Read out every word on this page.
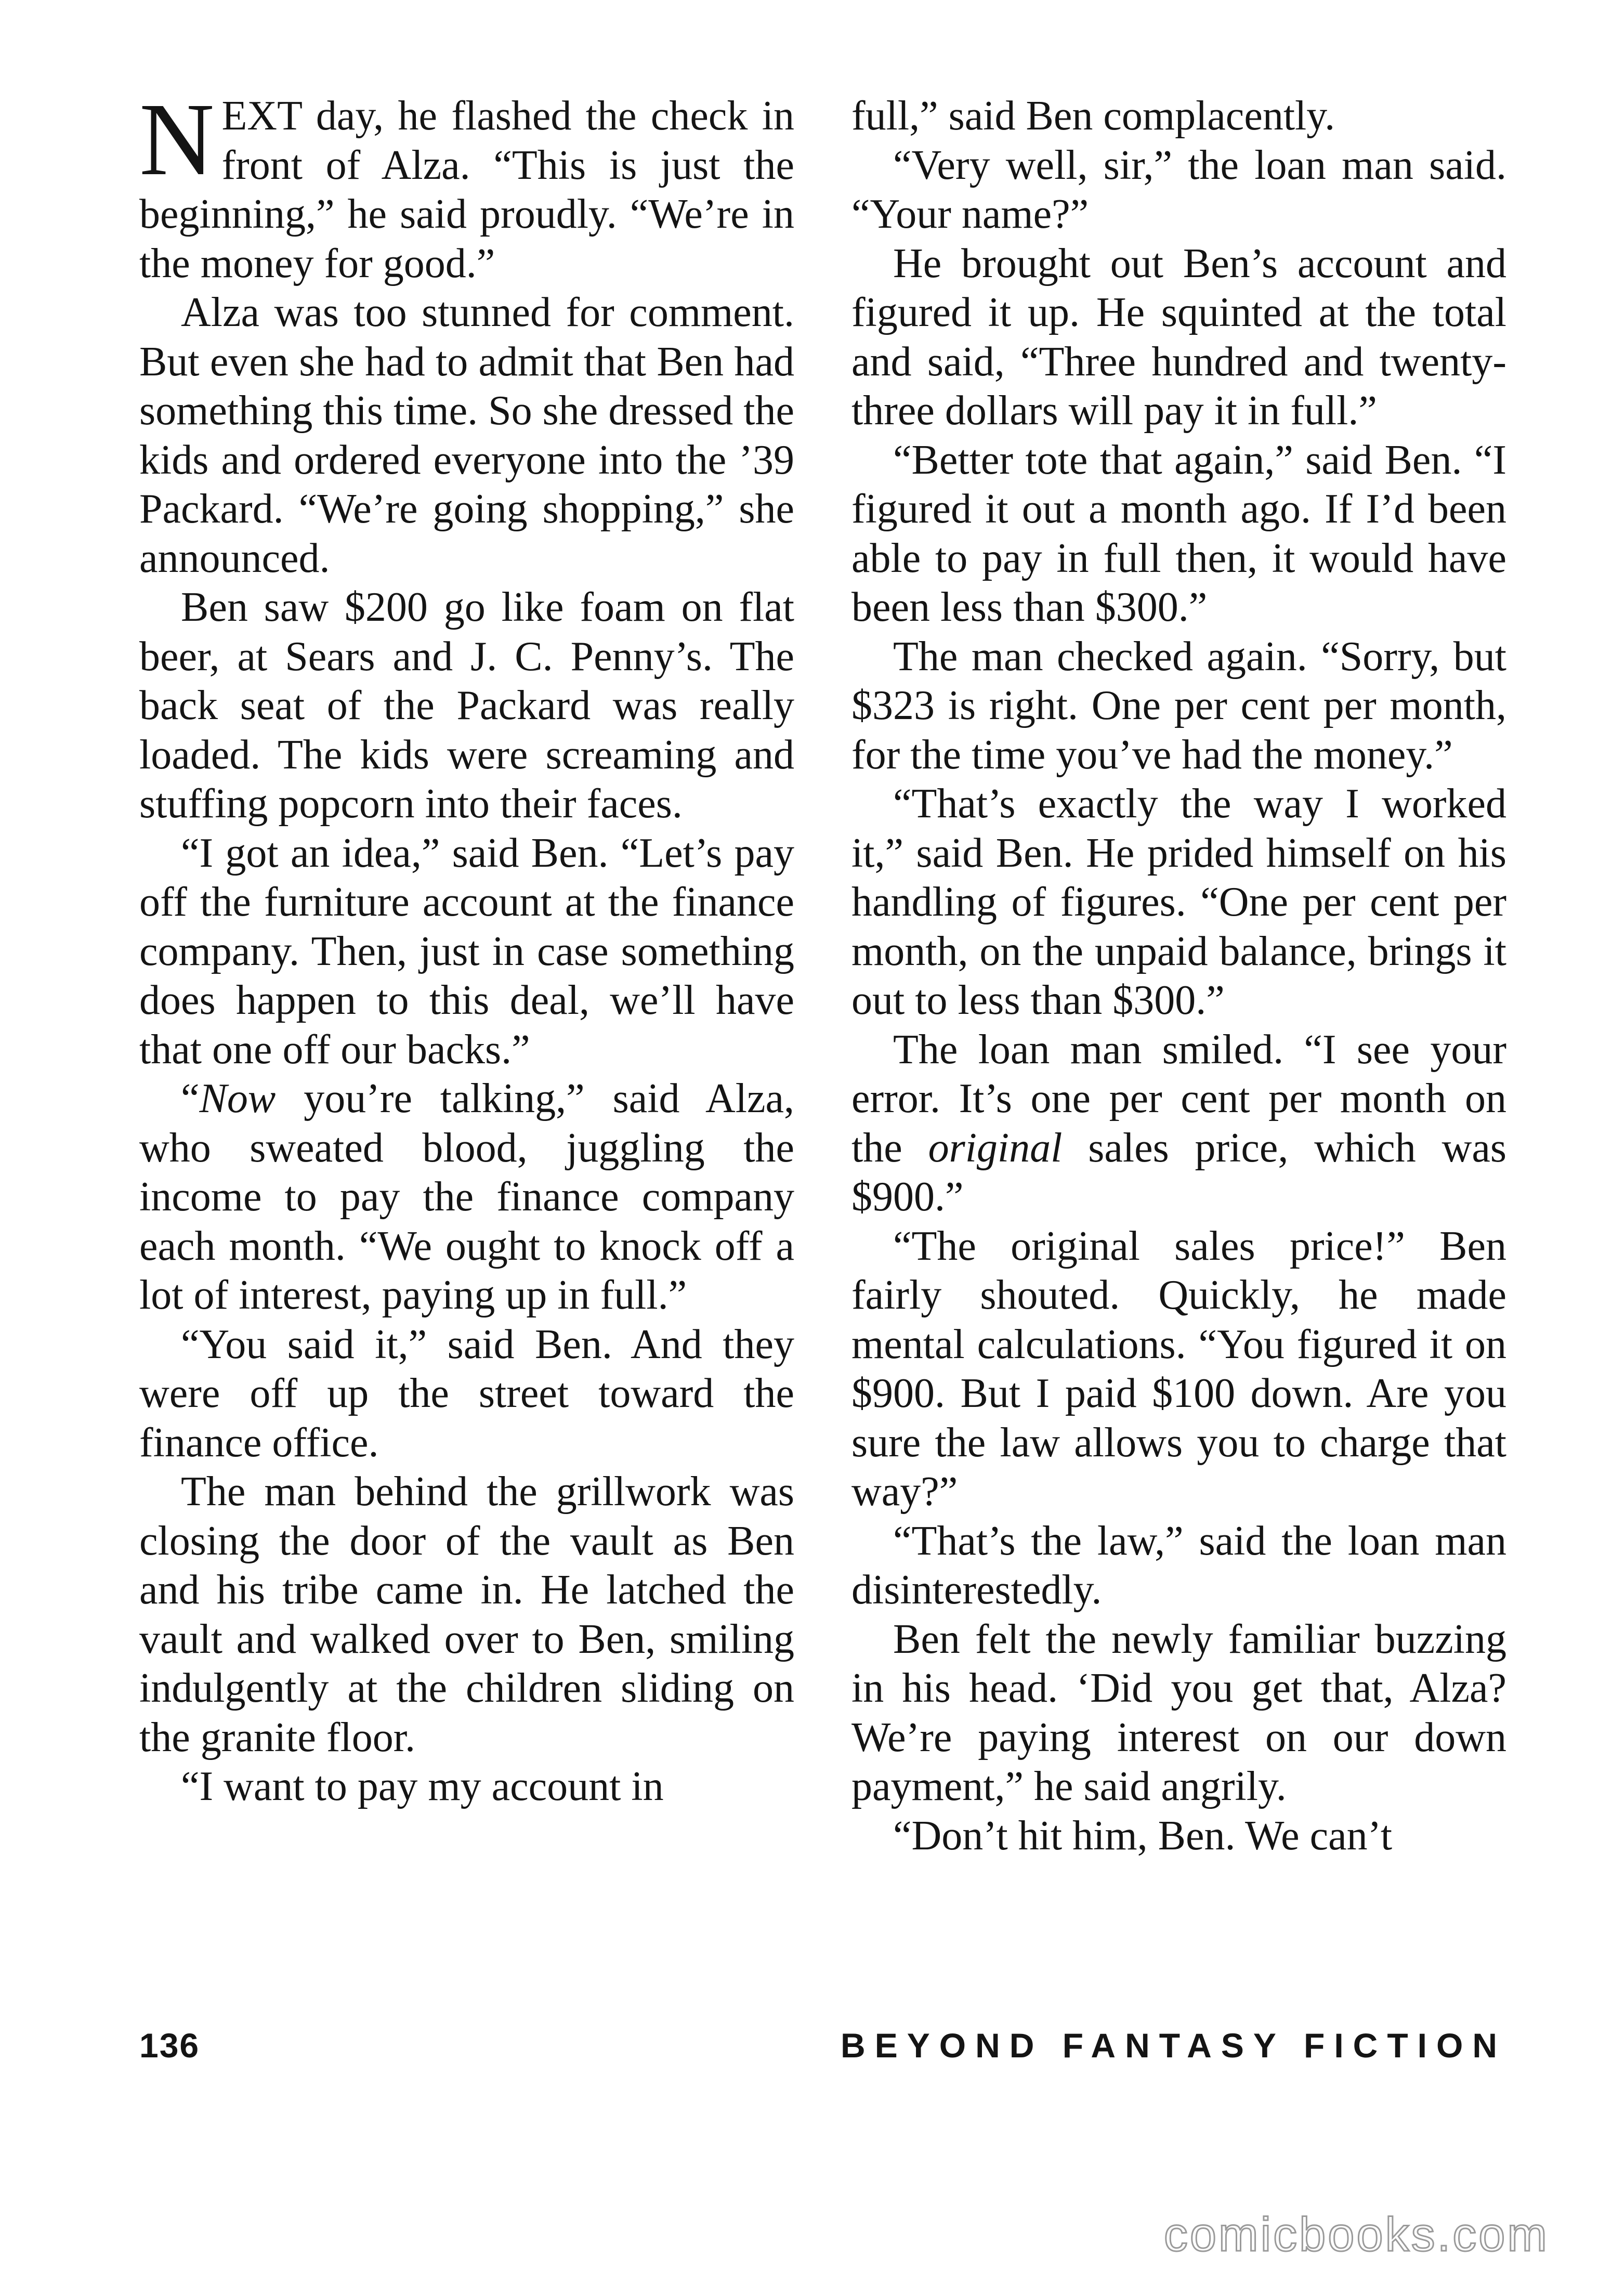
NEXT day, he flashed the check in front of Alza. “This is just the beginning,” he said proudly. “We’re in the money for good.”

Alza was too stunned for comment. But even she had to admit that Ben had something this time. So she dressed the kids and ordered everyone into the ’39 Packard. “We’re going shopping,” she announced.

Ben saw $200 go like foam on flat beer, at Sears and J. C. Penny’s. The back seat of the Packard was really loaded. The kids were screaming and stuffing popcorn into their faces.

“I got an idea,” said Ben. “Let’s pay off the furniture account at the finance company. Then, just in case something does happen to this deal, we’ll have that one off our backs.”

“Now you’re talking,” said Alza, who sweated blood, juggling the income to pay the finance company each month. “We ought to knock off a lot of interest, paying up in full.”

“You said it,” said Ben. And they were off up the street toward the finance office.

The man behind the grillwork was closing the door of the vault as Ben and his tribe came in. He latched the vault and walked over to Ben, smiling indulgently at the children sliding on the granite floor.

“I want to pay my account in

full,” said Ben complacently.

“Very well, sir,” the loan man said. “Your name?”

He brought out Ben’s account and figured it up. He squinted at the total and said, “Three hundred and twenty-three dollars will pay it in full.”

“Better tote that again,” said Ben. “I figured it out a month ago. If I’d been able to pay in full then, it would have been less than $300.”

The man checked again. “Sorry, but $323 is right. One per cent per month, for the time you’ve had the money.”

“That’s exactly the way I worked it,” said Ben. He prided himself on his handling of figures. “One per cent per month, on the unpaid balance, brings it out to less than $300.”

The loan man smiled. “I see your error. It’s one per cent per month on the original sales price, which was $900.”

“The original sales price!” Ben fairly shouted. Quickly, he made mental calculations. “You figured it on $900. But I paid $100 down. Are you sure the law allows you to charge that way?”

“That’s the law,” said the loan man disinterestedly.

Ben felt the newly familiar buzzing in his head. ‘Did you get that, Alza? We’re paying interest on our down payment,” he said angrily.

“Don’t hit him, Ben. We can’t

136	BEYOND FANTASY FICTION
comicbooks.com
